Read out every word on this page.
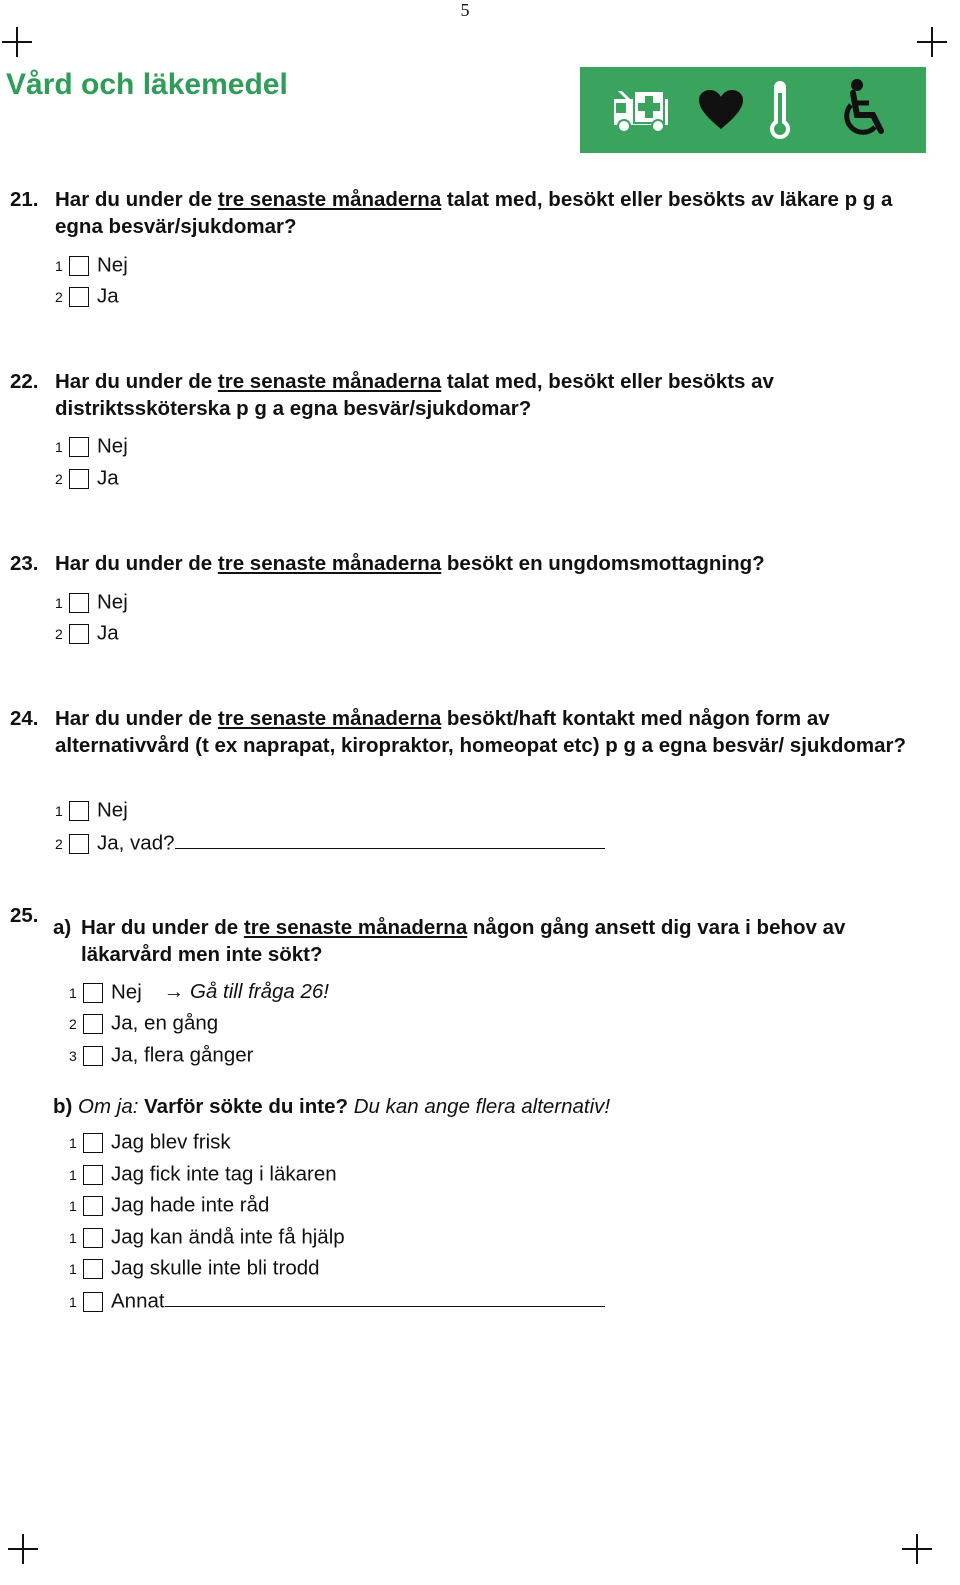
5
Vård och läkemedel
21. Har du under de tre senaste månaderna talat med, besökt eller besökts av läkare p g a egna besvär/sjukdomar?
1 Nej
2 Ja
22. Har du under de tre senaste månaderna talat med, besökt eller besökts av distriktssköterska p g a egna besvär/sjukdomar?
1 Nej
2 Ja
23. Har du under de tre senaste månaderna besökt en ungdomsmottagning?
1 Nej
2 Ja
24. Har du under de tre senaste månaderna besökt/haft kontakt med någon form av alternativvård (t ex naprapat, kiropraktor, homeopat etc) p g a egna besvär/ sjukdomar?
1 Nej
2 Ja, vad?
25.
a) Har du under de tre senaste månaderna någon gång ansett dig vara i behov av läkarvård men inte sökt?
1 Nej → Gå till fråga 26!
2 Ja, en gång
3 Ja, flera gånger
b) Om ja: Varför sökte du inte? Du kan ange flera alternativ!
1 Jag blev frisk
1 Jag fick inte tag i läkaren
1 Jag hade inte råd
1 Jag kan ändå inte få hjälp
1 Jag skulle inte bli trodd
1 Annat
